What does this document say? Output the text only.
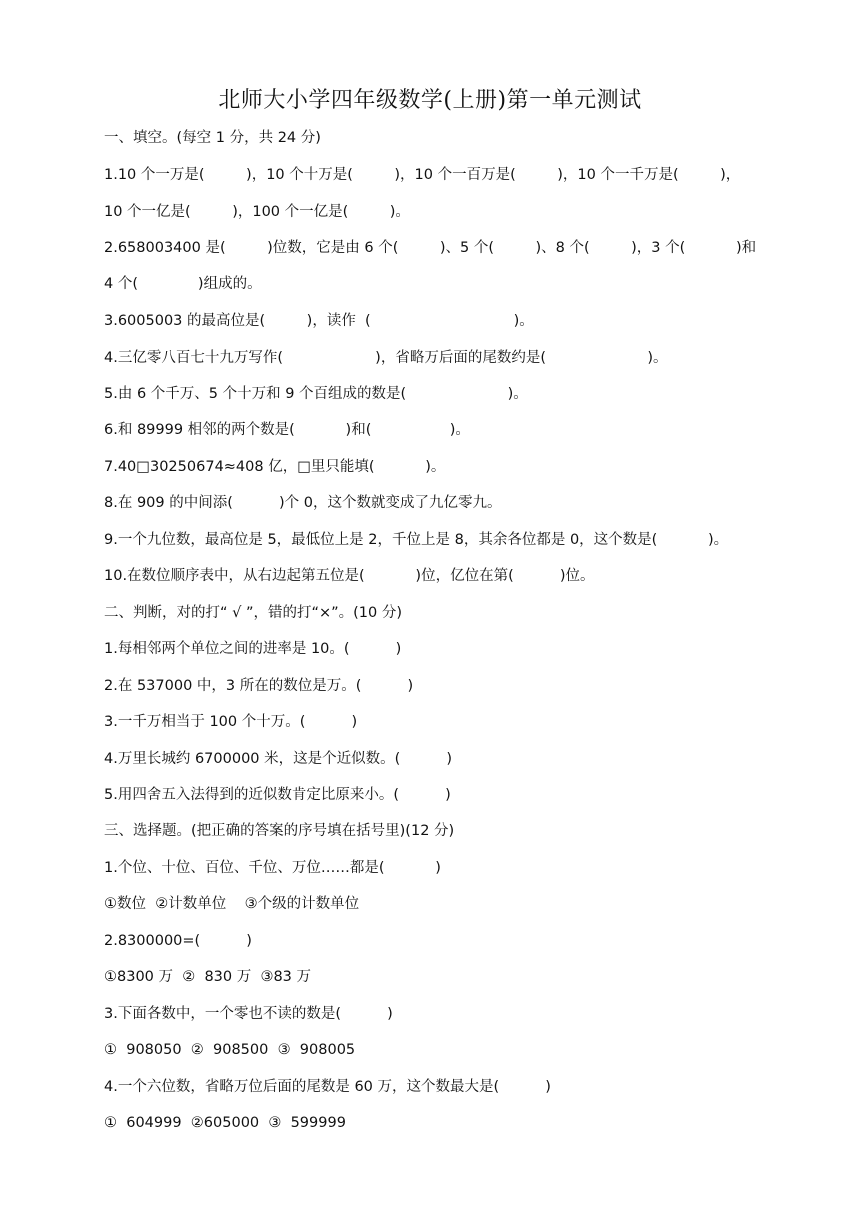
北师大小学四年级数学(上册)第一单元测试

一、填空。(每空 1 分，共 24 分)

1.10 个一万是(         )，10 个十万是(         )，10 个一百万是(         )，10 个一千万是(         )，

10 个一亿是(         )，100 个一亿是(         )。

2.658003400 是(         )位数，它是由 6 个(         )、5 个(         )、8 个(         )，3 个(           )和

4 个(             )组成的。

3.6005003 的最高位是(         )，读作  (                               )。

4.三亿零八百七十九万写作(                    )，省略万后面的尾数约是(                      )。

5.由 6 个千万、5 个十万和 9 个百组成的数是(                      )。

6.和 89999 相邻的两个数是(           )和(                 )。

7.40□30250674≈408 亿，□里只能填(           )。

8.在 909 的中间添(          )个 0，这个数就变成了九亿零九。

9.一个九位数，最高位是 5，最低位上是 2，千位上是 8，其余各位都是 0，这个数是(           )。

10.在数位顺序表中，从右边起第五位是(           )位，亿位在第(          )位。

二、判断，对的打“ √ ”，错的打“×”。(10 分)

1.每相邻两个单位之间的进率是 10。(          )

2.在 537000 中，3 所在的数位是万。(          )

3.一千万相当于 100 个十万。(          )

4.万里长城约 6700000 米，这是个近似数。(          )

5.用四舍五入法得到的近似数肯定比原来小。(          )

三、选择题。(把正确的答案的序号填在括号里)(12 分)

1.个位、十位、百位、千位、万位……都是(           )

①数位  ②计数单位    ③个级的计数单位

2.8300000=(          )

①8300 万  ②  830 万  ③83 万

3.下面各数中，一个零也不读的数是(          )

①  908050  ②  908500  ③  908005

4.一个六位数，省略万位后面的尾数是 60 万，这个数最大是(          )

①  604999  ②605000  ③  599999
